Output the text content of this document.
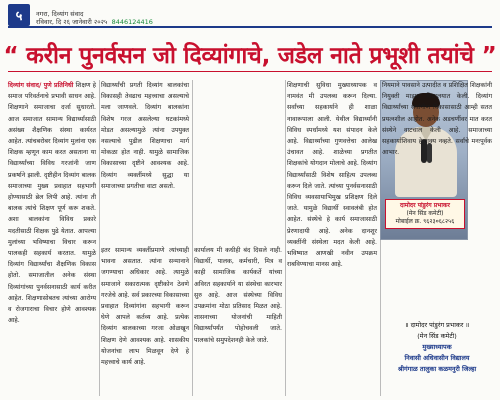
५	नगरा, दिव्यांग संवाद
रविवार, दि २६ जानेवारी २०२५ 8446124416
“ करीन पुनर्वसन जो दिव्यांगाचे, जडेल नाते प्रभूशी तयांचे ”
दिव्यांग संवाद/ पुणे प्रतिनिधी शिक्षण हे समाज परिवर्तनाचे प्रभावी साधन आहे. शिक्षणाने समाजाचा दर्जा सुधारतो. आज समाजात सामान्य विद्यार्थ्यांसाठी असंख्य शैक्षणिक संस्था कार्यरत आहेत. त्यांचबरोबर दिव्यांग मुलांना एक शिक्षक म्हणून काम करत असताना या विद्यार्थ्यांच्या विविध गरजांनी जाण प्रकर्षाने झाली. दृष्टीहीन दिव्यांग बालक समाजाच्या मुख्य प्रवाहात सहभागी होण्यासाठी ब्रेल लिपी आहे. त्यांना ती बालक त्यांचे शिक्षण पूर्ण करू शकते. अशा बालकांना विविध प्रकारे मदतीसाठी शिक्षक पुढे येतात. आपल्या मुलांच्या भविष्याचा विचार करून पालकही सहकार्य करतात. यामुळे दिव्यांग विद्यार्थ्यांचा शैक्षणिक विकास होतो. समाजातील अनेक संस्था दिव्यांगांच्या पुनर्वसनासाठी कार्य करीत आहेत. शिक्षणासोबतच त्यांच्या आरोग्य व रोजगाराचा विचार होणे आवश्यक आहे.
विद्यार्थ्यांची प्रगती दिव्यांग बालकांचा विकासही तेवढाच महत्त्वाचा असल्याचे मला जाणवले. दिव्यांग बालकांना विशेष गरज असलेल्या घटकांमध्ये मोडत असल्यामुळे त्यांना उपयुक्त नसल्याचे पुढील शिक्षणाचा मार्ग मोकळा होत नाही. यामुळे सामाजिक विकासाच्या दृष्टीने आवश्यक आहे. दिव्यांग व्यक्तींमध्ये सुद्धा या समाजाच्या प्रगतीचा वाटा असतो.
इतर सामान्य व्यक्तींप्रमाणे त्यांच्याही भावना असतात. त्यांना सन्मानाने जगण्याचा अधिकार आहे. त्यामुळे समाजाने सकारात्मक दृष्टीकोन ठेवणे गरजेचे आहे. सर्व प्रकारच्या विकासाच्या प्रवाहात दिव्यांगांना सहभागी करून घेणे आपले कर्तव्य आहे. प्रत्येक दिव्यांग बालकाच्या गरजा ओळखून शिक्षण देणे आवश्यक आहे. शासकीय योजनांचा लाभ मिळवून देणे हे महत्त्वाचे कार्य आहे.
दामोदर पांडुरंग प्रभाकर
(मेन सिंड कमेटी)
मोबाईल क्र. ९६२३०६८२५६
कार्यालय मी कधीही बंद दिसले नाही. विद्यार्थी, पालक, कर्मचारी, मित्र व काही सामाजिक कार्यकर्ते यांच्या अविरत सहकार्याने या संस्थेचा कारभार सुरु आहे. आज संस्थेच्या विविध उपक्रमांना मोठा प्रतिसाद मिळत आहे. शासनाच्या योजनांची माहिती विद्यार्थ्यांपर्यंत पोहोचवली जाते. पालकांचे समुपदेशनही केले जाते.
शिक्षणाची सुविधा मुख्याध्यापक व नामवंत मी उपलब्ध करून दिल्या. सर्वांच्या सहकार्याने ही शाळा नावारूपाला आली. येथील विद्यार्थ्यांनी विविध स्पर्धांमध्ये यश संपादन केले आहे. विद्यार्थ्यांच्या गुणवत्तेचा आलेख उंचावत आहे. शाळेच्या प्रगतीत शिक्षकांचे योगदान मोलाचे आहे. दिव्यांग विद्यार्थ्यांसाठी विशेष साहित्य उपलब्ध करून दिले जाते. त्यांच्या पुनर्वसनासाठी विविध व्यवसायाभिमुख प्रशिक्षण दिले जाते. यामुळे विद्यार्थी स्वावलंबी होत आहेत. संस्थेचे हे कार्य समाजासाठी प्रेरणादायी आहे. अनेक दानशूर व्यक्तींनी संस्थेला मदत केली आहे. भविष्यात आणखी नवीन उपक्रम राबविण्याचा मानस आहे.
नियमाने पावसाने उत्पादीत व प्रशिक्षित शिक्षकांनी नियुक्ती माझ्या विद्यालयात केली. दिव्यांग विद्यार्थ्यांच्या सर्वांगीण विकासासाठी आम्ही सतत प्रयत्नशील आहोत. अनेक अडचणींवर मात करत संस्थेने वाटचाल केली आहे. समाजाच्या सहकार्याशिवाय हे शक्य नव्हते. सर्वांचे मनःपूर्वक आभार.
॥ दामोदर पांडुरंग प्रभाकर ॥
(मेन सिंड कमेटी)
मुख्याध्यापक
निवासी अधिवासीन विद्यालय
श्रीगंगाळ तालुका कळमनुरी जिल्हा
